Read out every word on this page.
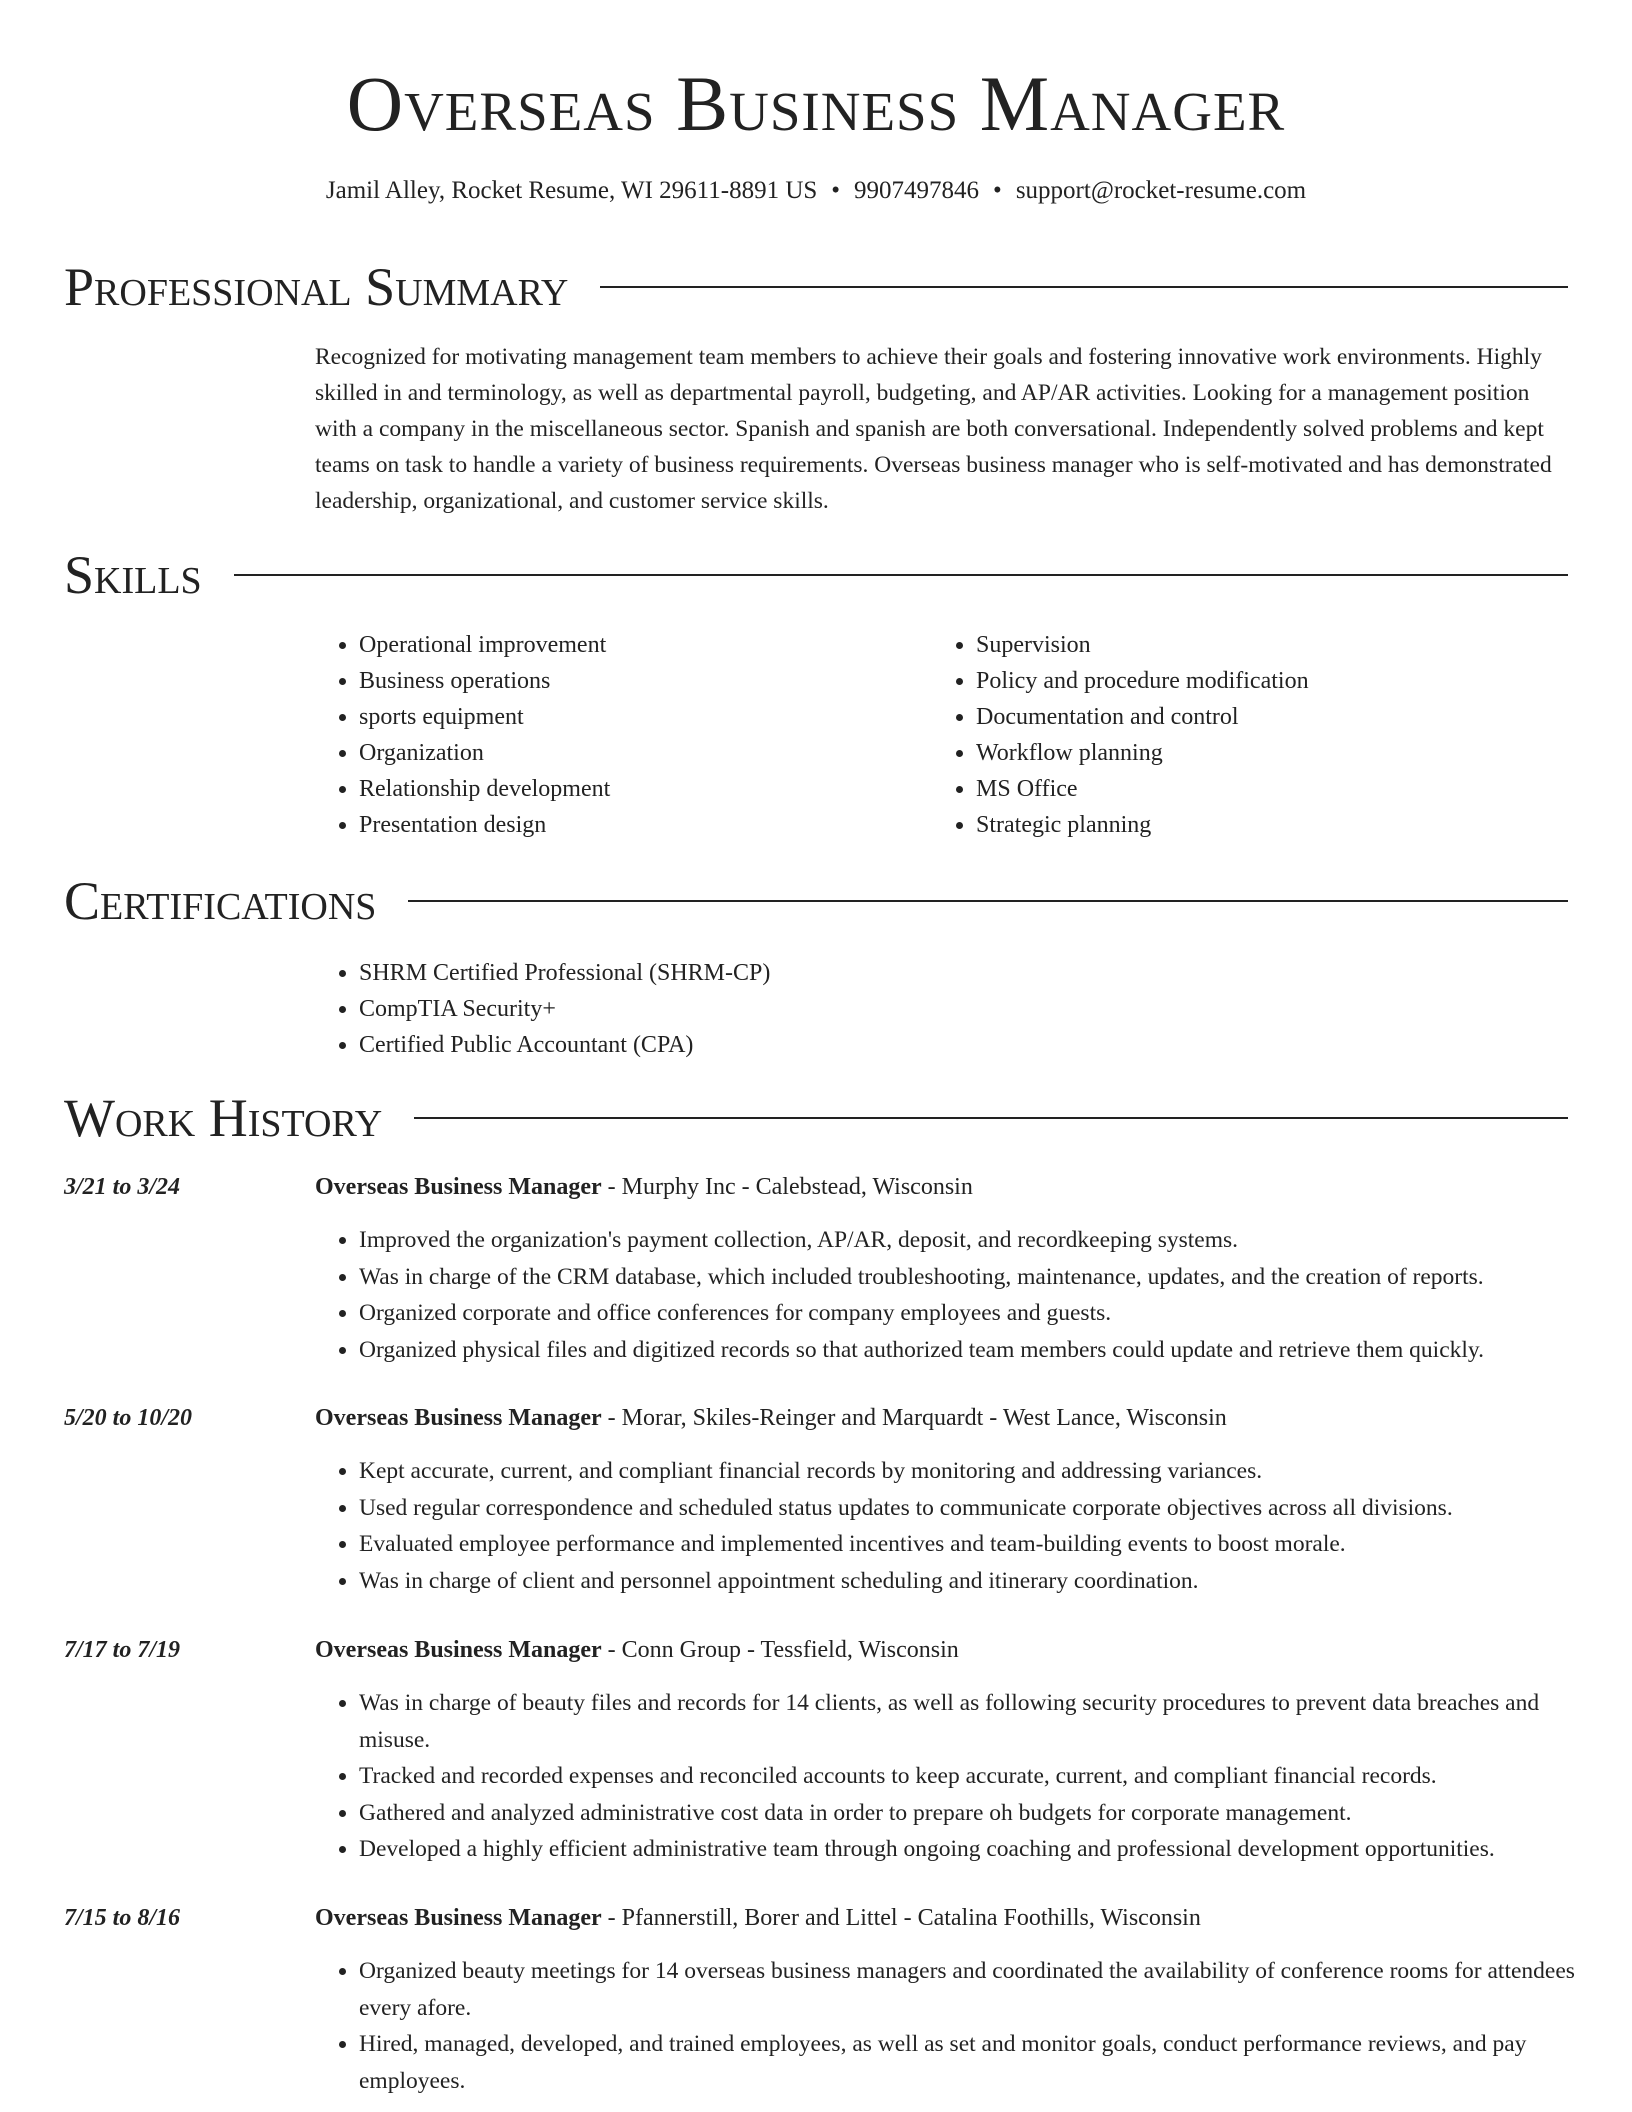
Overseas Business Manager
Jamil Alley, Rocket Resume, WI 29611-8891 US • 9907497846 • support@rocket-resume.com
Professional Summary
Recognized for motivating management team members to achieve their goals and fostering innovative work environments. Highly skilled in and terminology, as well as departmental payroll, budgeting, and AP/AR activities. Looking for a management position with a company in the miscellaneous sector. Spanish and spanish are both conversational. Independently solved problems and kept teams on task to handle a variety of business requirements. Overseas business manager who is self-motivated and has demonstrated leadership, organizational, and customer service skills.
Skills
• Operational improvement
• Business operations
• sports equipment
• Organization
• Relationship development
• Presentation design
• Supervision
• Policy and procedure modification
• Documentation and control
• Workflow planning
• MS Office
• Strategic planning
Certifications
• SHRM Certified Professional (SHRM-CP)
• CompTIA Security+
• Certified Public Accountant (CPA)
Work History
3/21 to 3/24	Overseas Business Manager - Murphy Inc - Calebstead, Wisconsin
• Improved the organization's payment collection, AP/AR, deposit, and recordkeeping systems.
• Was in charge of the CRM database, which included troubleshooting, maintenance, updates, and the creation of reports.
• Organized corporate and office conferences for company employees and guests.
• Organized physical files and digitized records so that authorized team members could update and retrieve them quickly.
5/20 to 10/20	Overseas Business Manager - Morar, Skiles-Reinger and Marquardt - West Lance, Wisconsin
• Kept accurate, current, and compliant financial records by monitoring and addressing variances.
• Used regular correspondence and scheduled status updates to communicate corporate objectives across all divisions.
• Evaluated employee performance and implemented incentives and team-building events to boost morale.
• Was in charge of client and personnel appointment scheduling and itinerary coordination.
7/17 to 7/19	Overseas Business Manager - Conn Group - Tessfield, Wisconsin
• Was in charge of beauty files and records for 14 clients, as well as following security procedures to prevent data breaches and misuse.
• Tracked and recorded expenses and reconciled accounts to keep accurate, current, and compliant financial records.
• Gathered and analyzed administrative cost data in order to prepare oh budgets for corporate management.
• Developed a highly efficient administrative team through ongoing coaching and professional development opportunities.
7/15 to 8/16	Overseas Business Manager - Pfannerstill, Borer and Littel - Catalina Foothills, Wisconsin
• Organized beauty meetings for 14 overseas business managers and coordinated the availability of conference rooms for attendees every afore.
• Hired, managed, developed, and trained employees, as well as set and monitor goals, conduct performance reviews, and pay employees.
